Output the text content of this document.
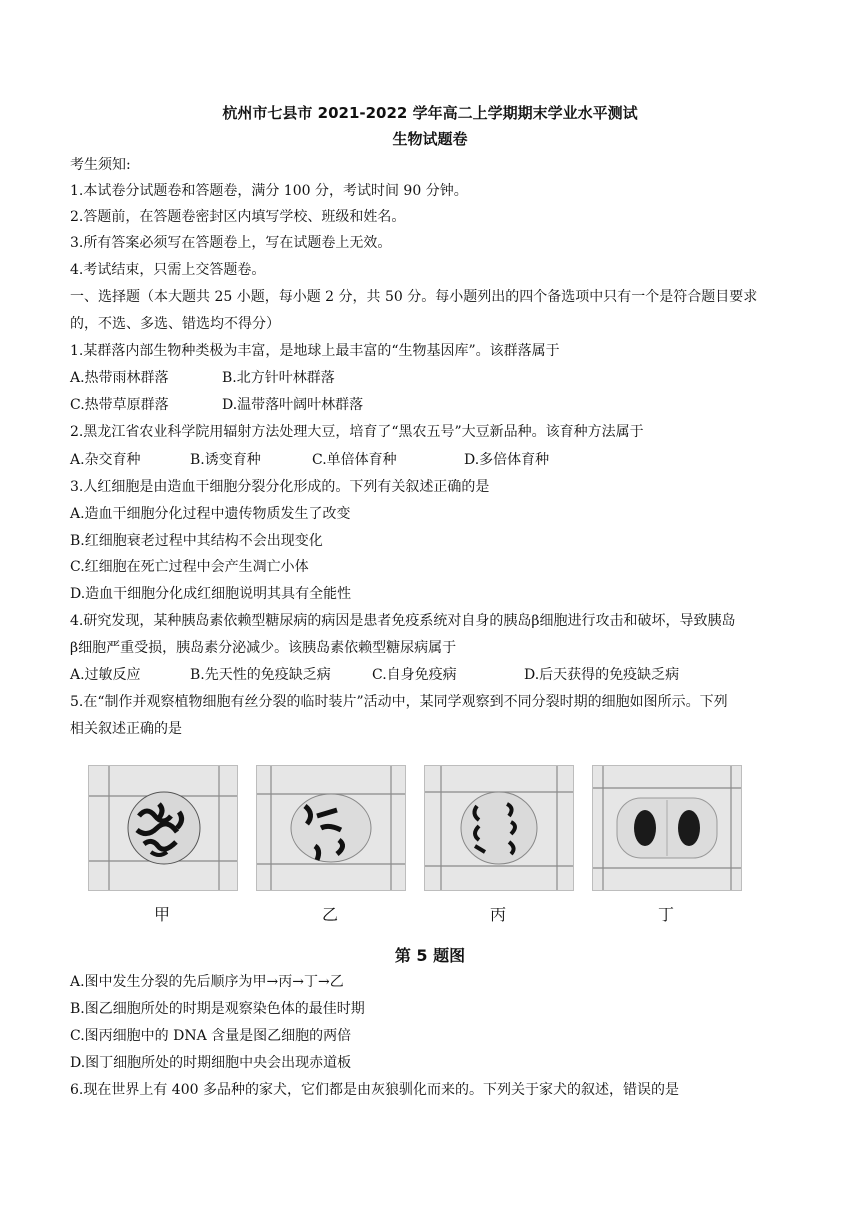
杭州市七县市 2021-2022 学年高二上学期期末学业水平测试
生物试题卷
考生须知:
1.本试卷分试题卷和答题卷，满分 100 分，考试时间 90 分钟。
2.答题前，在答题卷密封区内填写学校、班级和姓名。
3.所有答案必须写在答题卷上，写在试题卷上无效。
4.考试结束，只需上交答题卷。
一、选择题（本大题共 25 小题，每小题 2 分，共 50 分。每小题列出的四个备选项中只有一个是符合题目要求
的，不选、多选、错选均不得分）
1.某群落内部生物种类极为丰富，是地球上最丰富的“生物基因库”。该群落属于
A.热带雨林群落	B.北方针叶林群落
C.热带草原群落	D.温带落叶阔叶林群落
2.黑龙江省农业科学院用辐射方法处理大豆，培育了“黑农五号”大豆新品种。该育种方法属于
A.杂交育种	B.诱变育种	C.单倍体育种	D.多倍体育种
3.人红细胞是由造血干细胞分裂分化形成的。下列有关叙述正确的是
A.造血干细胞分化过程中遗传物质发生了改变
B.红细胞衰老过程中其结构不会出现变化
C.红细胞在死亡过程中会产生凋亡小体
D.造血干细胞分化成红细胞说明其具有全能性
4.研究发现，某种胰岛素依赖型糖尿病的病因是患者免疫系统对自身的胰岛β细胞进行攻击和破坏，导致胰岛
β细胞严重受损，胰岛素分泌减少。该胰岛素依赖型糖尿病属于
A.过敏反应	B.先天性的免疫缺乏病	C.自身免疫病	D.后天获得的免疫缺乏病
5.在“制作并观察植物细胞有丝分裂的临时装片”活动中，某同学观察到不同分裂时期的细胞如图所示。下列
相关叙述正确的是
甲	乙	丙	丁
第 5 题图
A.图中发生分裂的先后顺序为甲→丙→丁→乙
B.图乙细胞所处的时期是观察染色体的最佳时期
C.图丙细胞中的 DNA 含量是图乙细胞的两倍
D.图丁细胞所处的时期细胞中央会出现赤道板
6.现在世界上有 400 多品种的家犬，它们都是由灰狼驯化而来的。下列关于家犬的叙述，错误的是
